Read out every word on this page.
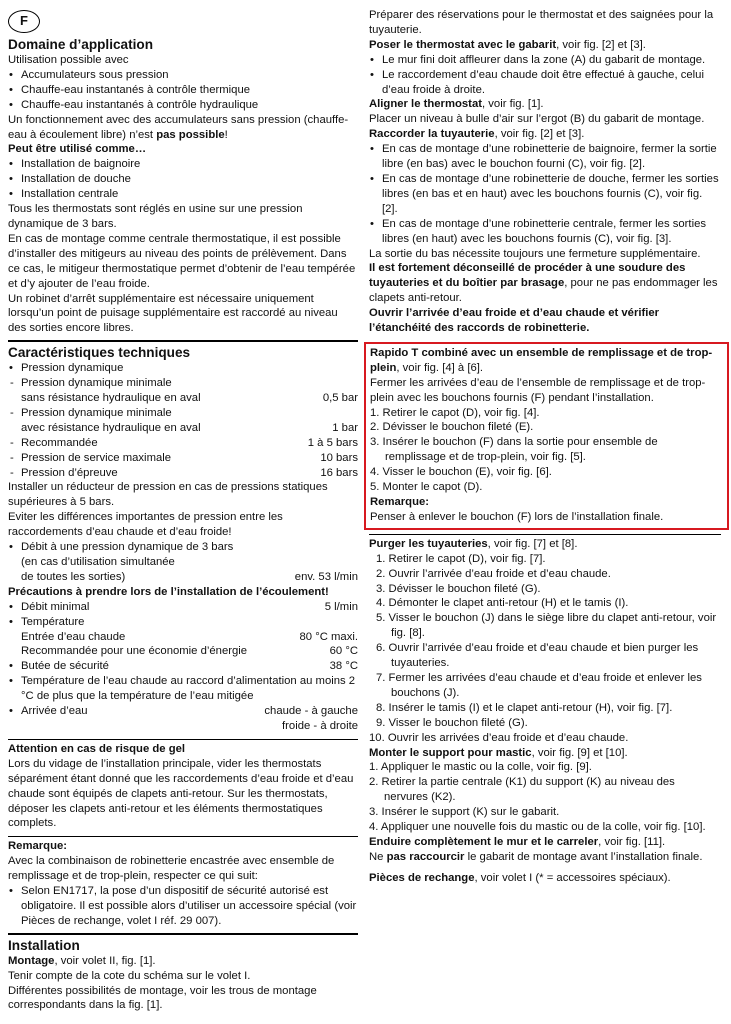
F
Domaine d’application

Utilisation possible avec

• Accumulateurs sous pression

• Chauffe-eau instantanés à contrôle thermique

• Chauffe-eau instantanés à contrôle hydraulique

Un fonctionnement avec des accumulateurs sans pression (chauffe-eau à écoulement libre) n’est pas possible!

Peut être utilisé comme…

• Installation de baignoire

• Installation de douche

• Installation centrale

Tous les thermostats sont réglés en usine sur une pression dynamique de 3 bars.

En cas de montage comme centrale thermostatique, il est possible d’installer des mitigeurs au niveau des points de prélèvement. Dans ce cas, le mitigeur thermostatique permet d’obtenir de l’eau tempérée et d’y ajouter de l’eau froide.

Un robinet d’arrêt supplémentaire est nécessaire uniquement lorsqu’un point de puisage supplémentaire est raccordé au niveau des sorties encore libres.

Caractéristiques techniques

• Pression dynamique

- Pression dynamique minimale
sans résistance hydraulique en aval	0,5 bar
- Pression dynamique minimale
avec résistance hydraulique en aval	1 bar
- Recommandée	1 à 5 bars
- Pression de service maximale	10 bars
- Pression d’épreuve	16 bars

Installer un réducteur de pression en cas de pressions statiques supérieures à 5 bars.

Eviter les différences importantes de pression entre les raccordements d’eau chaude et d’eau froide!

• Débit à une pression dynamique de 3 bars
(en cas d’utilisation simultanée
de toutes les sorties)	env. 53 l/min

Précautions à prendre lors de l’installation de l’écoulement!

• Débit minimal	5 l/min
• Température
Entrée d’eau chaude	80 °C maxi.
Recommandée pour une économie d’énergie	60 °C
• Butée de sécurité	38 °C

• Température de l’eau chaude au raccord d’alimentation au moins 2 °C de plus que la température de l’eau mitigée

• Arrivée d’eau	chaude - à gauche
froide - à droite

Attention en cas de risque de gel

Lors du vidage de l’installation principale, vider les thermostats séparément étant donné que les raccordements d’eau froide et d’eau chaude sont équipés de clapets anti-retour. Sur les thermostats, déposer les clapets anti-retour et les éléments thermostatiques complets.

Remarque:

Avec la combinaison de robinetterie encastrée avec ensemble de remplissage et de trop-plein, respecter ce qui suit:

• Selon EN1717, la pose d’un dispositif de sécurité autorisé est obligatoire. Il est possible alors d’utiliser un accessoire spécial (voir Pièces de rechange, volet I réf. 29 007).

Installation

Montage, voir volet II, fig. [1].

Tenir compte de la cote du schéma sur le volet I.

Différentes possibilités de montage, voir les trous de montage correspondants dans la fig. [1].

Préparer des réservations pour le thermostat et des saignées pour la tuyauterie.

Poser le thermostat avec le gabarit, voir fig. [2] et [3].

• Le mur fini doit affleurer dans la zone (A) du gabarit de montage.

• Le raccordement d’eau chaude doit être effectué à gauche, celui d’eau froide à droite.

Aligner le thermostat, voir fig. [1].

Placer un niveau à bulle d’air sur l’ergot (B) du gabarit de montage.

Raccorder la tuyauterie, voir fig. [2] et [3].

• En cas de montage d’une robinetterie de baignoire, fermer la sortie libre (en bas) avec le bouchon fourni (C), voir fig. [2].

• En cas de montage d’une robinetterie de douche, fermer les sorties libres (en bas et en haut) avec les bouchons fournis (C), voir fig. [2].

• En cas de montage d’une robinetterie centrale, fermer les sorties libres (en haut) avec les bouchons fournis (C), voir fig. [3].

La sortie du bas nécessite toujours une fermeture supplémentaire.

Il est fortement déconseillé de procéder à une soudure des tuyauteries et du boîtier par brasage, pour ne pas endommager les clapets anti-retour.

Ouvrir l’arrivée d’eau froide et d’eau chaude et vérifier l’étanchéité des raccords de robinetterie.

Rapido T combiné avec un ensemble de remplissage et de trop-plein, voir fig. [4] à [6].

Fermer les arrivées d’eau de l’ensemble de remplissage et de trop-plein avec les bouchons fournis (F) pendant l’installation.

1. Retirer le capot (D), voir fig. [4].

2. Dévisser le bouchon fileté (E).

3. Insérer le bouchon (F) dans la sortie pour ensemble de remplissage et de trop-plein, voir fig. [5].

4. Visser le bouchon (E), voir fig. [6].

5. Monter le capot (D).

Remarque:

Penser à enlever le bouchon (F) lors de l’installation finale.

Purger les tuyauteries, voir fig. [7] et [8].

1. Retirer le capot (D), voir fig. [7].

2. Ouvrir l’arrivée d’eau froide et d’eau chaude.

3. Dévisser le bouchon fileté (G).

4. Démonter le clapet anti-retour (H) et le tamis (I).

5. Visser le bouchon (J) dans le siège libre du clapet anti-retour, voir fig. [8].

6. Ouvrir l’arrivée d’eau froide et d’eau chaude et bien purger les tuyauteries.

7. Fermer les arrivées d’eau chaude et d’eau froide et enlever les bouchons (J).

8. Insérer le tamis (I) et le clapet anti-retour (H), voir fig. [7].

9. Visser le bouchon fileté (G).

10. Ouvrir les arrivées d’eau froide et d’eau chaude.

Monter le support pour mastic, voir fig. [9] et [10].

1. Appliquer le mastic ou la colle, voir fig. [9].

2. Retirer la partie centrale (K1) du support (K) au niveau des nervures (K2).

3. Insérer le support (K) sur le gabarit.

4. Appliquer une nouvelle fois du mastic ou de la colle, voir fig. [10].

Enduire complètement le mur et le carreler, voir fig. [11].

Ne pas raccourcir le gabarit de montage avant l’installation finale.

Pièces de rechange, voir volet I (* = accessoires spéciaux).
